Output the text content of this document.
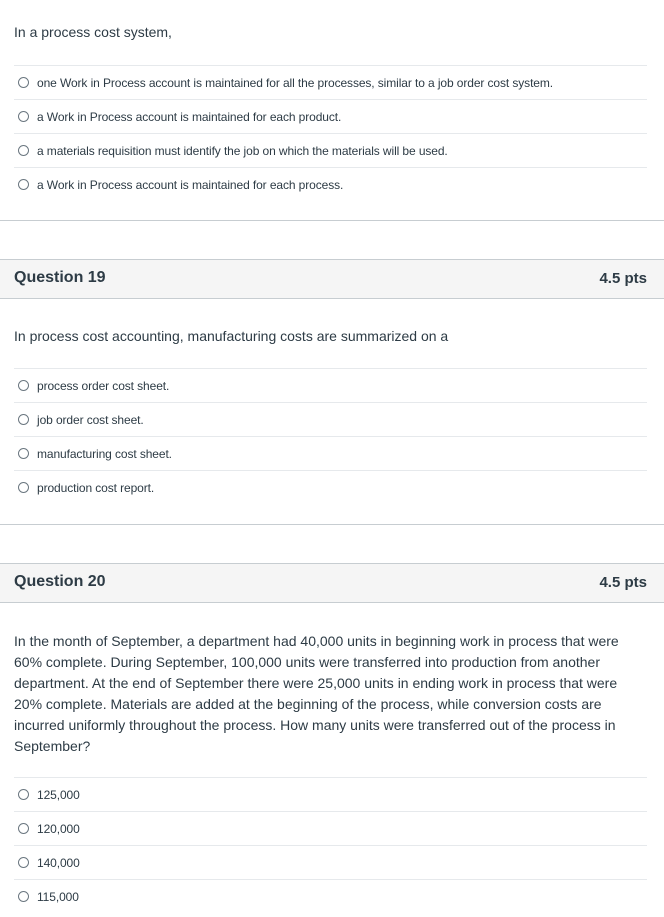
In a process cost system,
one Work in Process account is maintained for all the processes, similar to a job order cost system.
a Work in Process account is maintained for each product.
a materials requisition must identify the job on which the materials will be used.
a Work in Process account is maintained for each process.
Question 19	4.5 pts
In process cost accounting, manufacturing costs are summarized on a
process order cost sheet.
job order cost sheet.
manufacturing cost sheet.
production cost report.
Question 20	4.5 pts
In the month of September, a department had 40,000 units in beginning work in process that were 60% complete. During September, 100,000 units were transferred into production from another department. At the end of September there were 25,000 units in ending work in process that were 20% complete. Materials are added at the beginning of the process, while conversion costs are incurred uniformly throughout the process. How many units were transferred out of the process in September?
125,000
120,000
140,000
115,000
